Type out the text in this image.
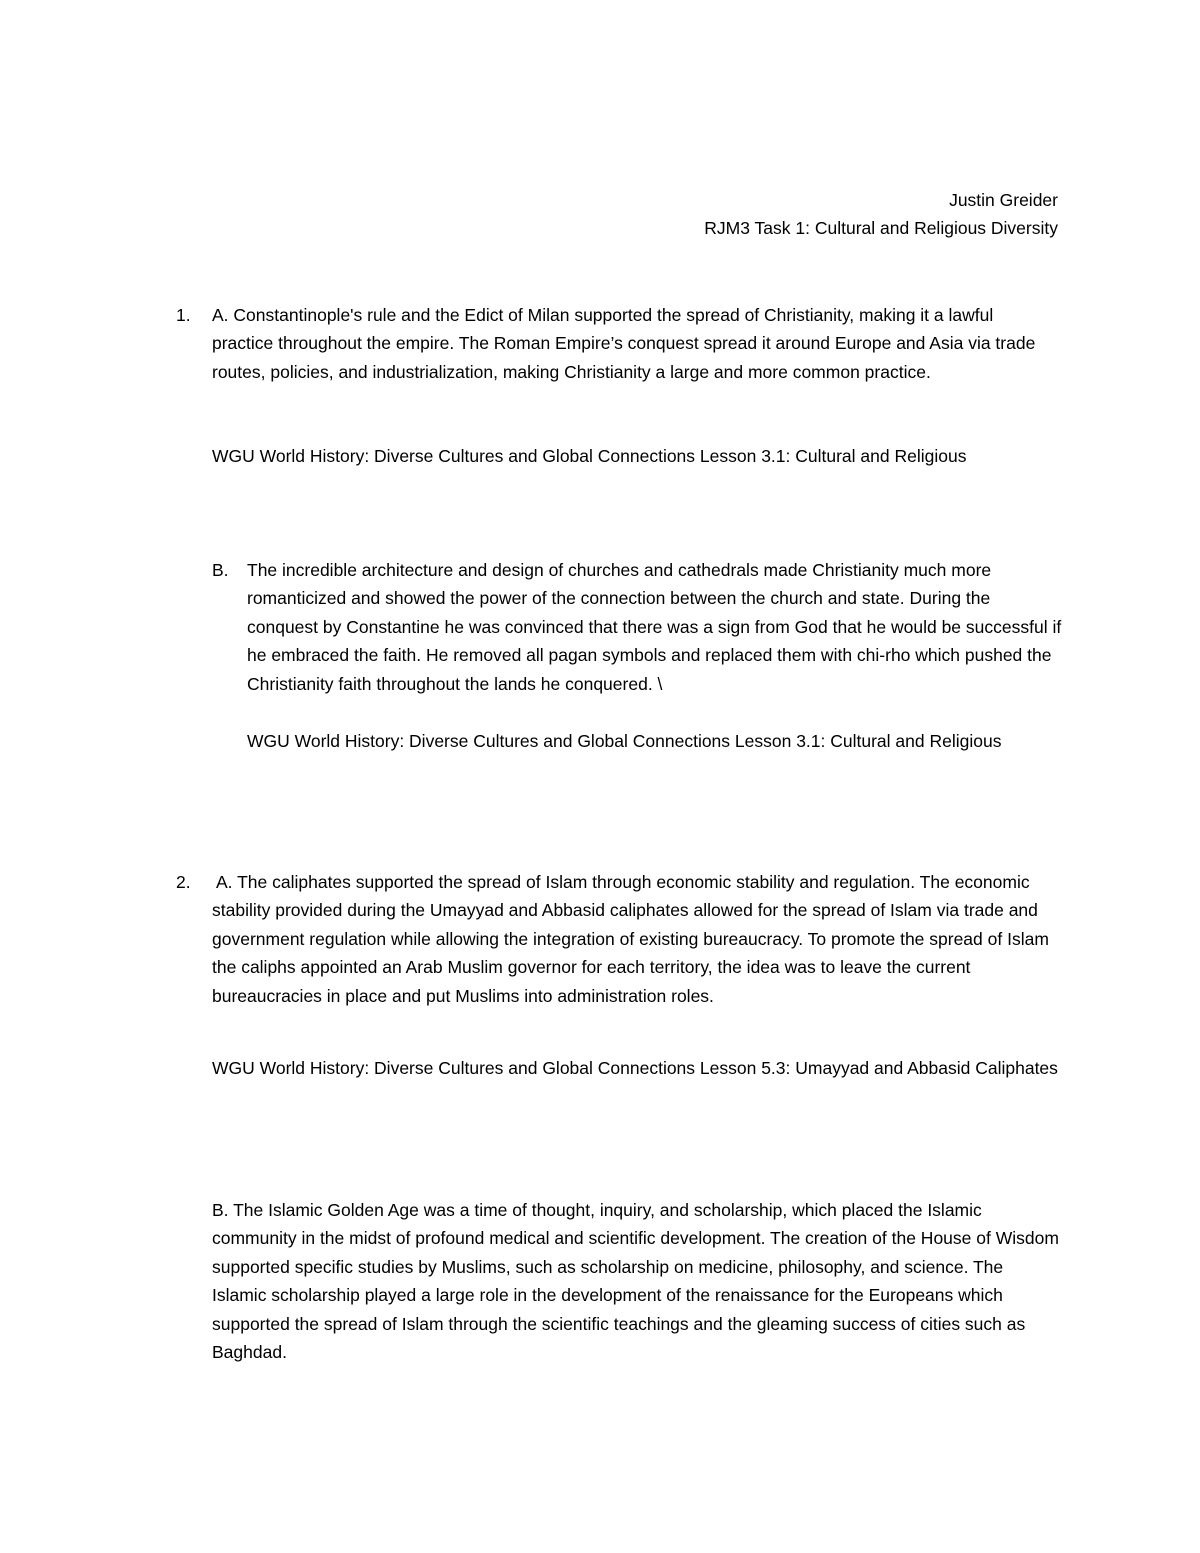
Justin Greider
RJM3 Task 1: Cultural and Religious Diversity
1. A. Constantinople's rule and the Edict of Milan supported the spread of Christianity, making it a lawful practice throughout the empire. The Roman Empire’s conquest spread it around Europe and Asia via trade routes, policies, and industrialization, making Christianity a large and more common practice.
WGU World History: Diverse Cultures and Global Connections Lesson 3.1: Cultural and Religious
B. The incredible architecture and design of churches and cathedrals made Christianity much more romanticized and showed the power of the connection between the church and state. During the conquest by Constantine he was convinced that there was a sign from God that he would be successful if he embraced the faith. He removed all pagan symbols and replaced them with chi-rho which pushed the Christianity faith throughout the lands he conquered. \
WGU World History: Diverse Cultures and Global Connections Lesson 3.1: Cultural and Religious
2. A. The caliphates supported the spread of Islam through economic stability and regulation. The economic stability provided during the Umayyad and Abbasid caliphates allowed for the spread of Islam via trade and government regulation while allowing the integration of existing bureaucracy. To promote the spread of Islam the caliphs appointed an Arab Muslim governor for each territory, the idea was to leave the current bureaucracies in place and put Muslims into administration roles.
WGU World History: Diverse Cultures and Global Connections Lesson 5.3: Umayyad and Abbasid Caliphates
B. The Islamic Golden Age was a time of thought, inquiry, and scholarship, which placed the Islamic community in the midst of profound medical and scientific development. The creation of the House of Wisdom supported specific studies by Muslims, such as scholarship on medicine, philosophy, and science. The Islamic scholarship played a large role in the development of the renaissance for the Europeans which supported the spread of Islam through the scientific teachings and the gleaming success of cities such as Baghdad.
